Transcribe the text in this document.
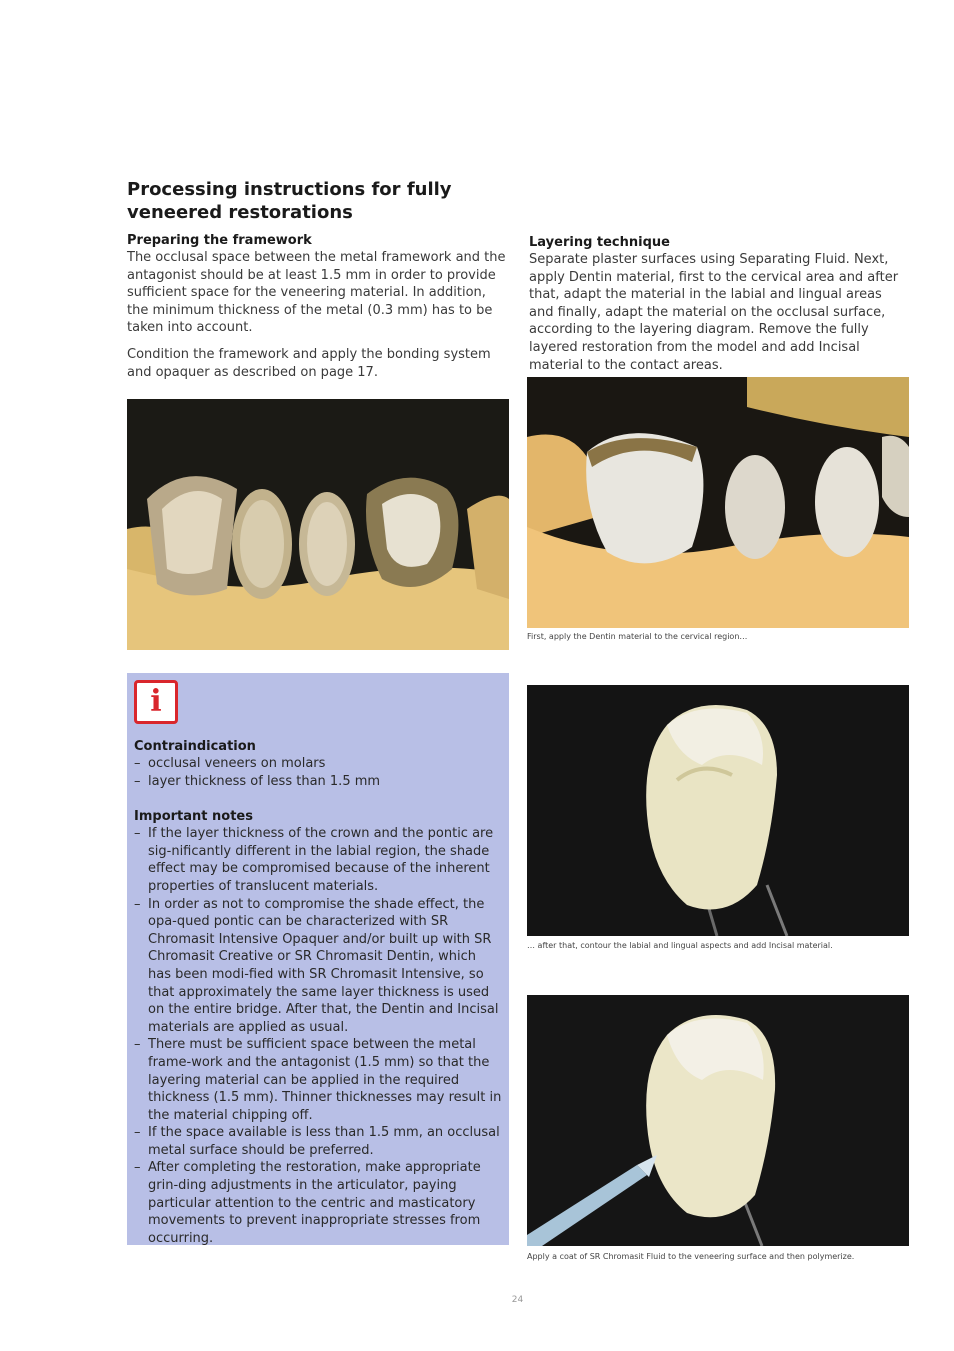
Processing instructions for fully veneered restorations
Preparing the framework

The occlusal space between the metal framework and the antagonist should be at least 1.5 mm in order to provide sufficient space for the veneering material. In addition, the minimum thickness of the metal (0.3 mm) has to be taken into account.

Condition the framework and apply the bonding system and opaquer as described on page 17.

Layering technique

Separate plaster surfaces using Separating Fluid. Next, apply Dentin material, first to the cervical area and after that, adapt the material in the labial and lingual areas and finally, adapt the material on the occlusal surface, according to the layering diagram. Remove the fully layered restoration from the model and add Incisal material to the contact areas.

First, apply the Dentin material to the cervical region…
… after that, contour the labial and lingual aspects and add Incisal material.
Apply a coat of SR Chromasit Fluid to the veneering surface and then polymerize.
i
Contraindication
– occlusal veneers on molars
– layer thickness of less than 1.5 mm
Important notes
– If the layer thickness of the crown and the pontic are sig-nificantly different in the labial region, the shade effect may be compromised because of the inherent properties of translucent materials.
– In order as not to compromise the shade effect, the opa-qued pontic can be characterized with SR Chromasit Intensive Opaquer and/or built up with SR Chromasit Creative or SR Chromasit Dentin, which has been modi-fied with SR Chromasit Intensive, so that approximately the same layer thickness is used on the entire bridge. After that, the Dentin and Incisal materials are applied as usual.
– There must be sufficient space between the metal frame-work and the antagonist (1.5 mm) so that the layering material can be applied in the required thickness (1.5 mm). Thinner thicknesses may result in the material chipping off.
– If the space available is less than 1.5 mm, an occlusal metal surface should be preferred.
– After completing the restoration, make appropriate grin-ding adjustments in the articulator, paying particular attention to the centric and masticatory movements to prevent inappropriate stresses from occurring.
24
